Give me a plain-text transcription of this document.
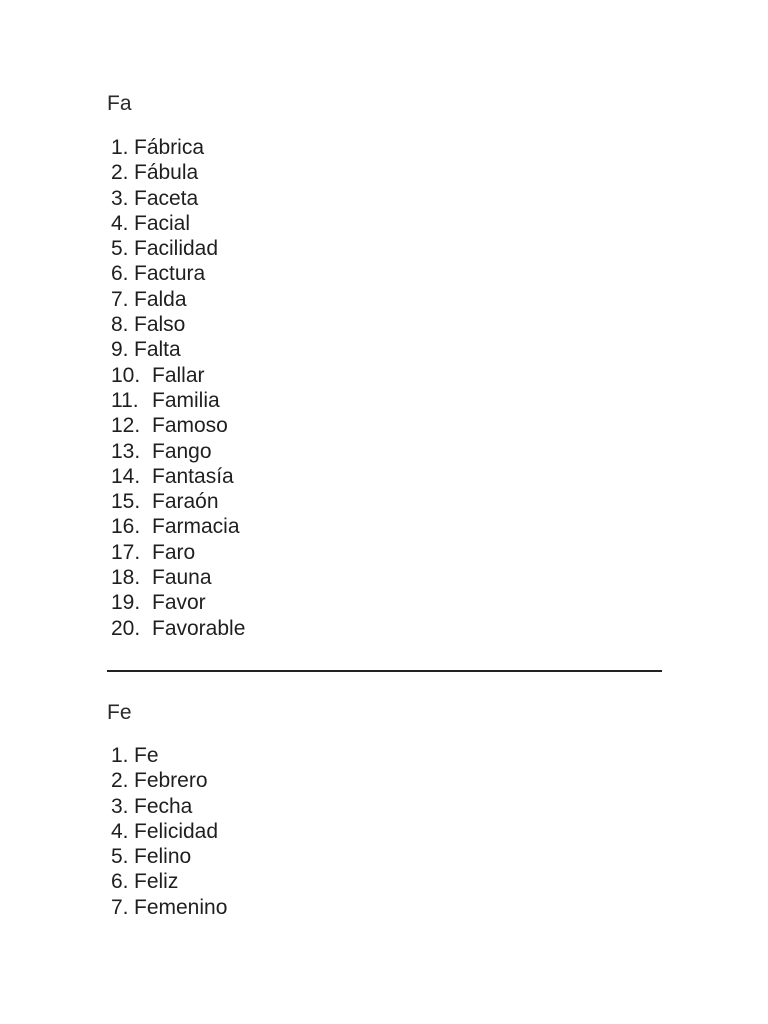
Fa
1. Fábrica
2. Fábula
3. Faceta
4. Facial
5. Facilidad
6. Factura
7. Falda
8. Falso
9. Falta
10. Fallar
11. Familia
12. Famoso
13. Fango
14. Fantasía
15. Faraón
16. Farmacia
17. Faro
18. Fauna
19. Favor
20. Favorable
Fe
1. Fe
2. Febrero
3. Fecha
4. Felicidad
5. Felino
6. Feliz
7. Femenino
